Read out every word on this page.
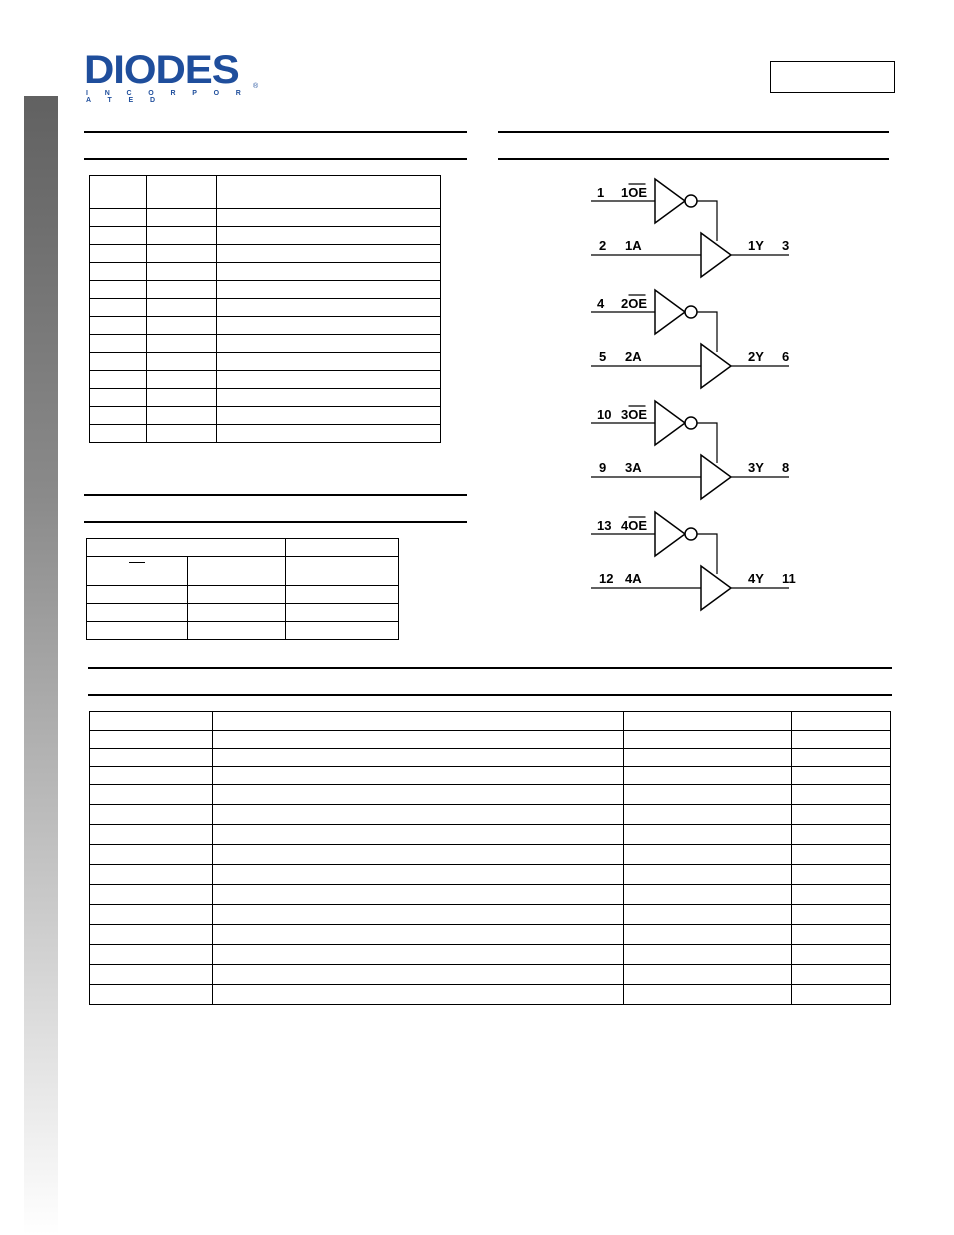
DIODES
I N C O R P O R A T E D
®

1 1OE
2 1A	1Y 3
4 2OE
5 2A	2Y 6
10 3OE
9 3A	3Y 8
13 4OE
12 4A	4Y 11
